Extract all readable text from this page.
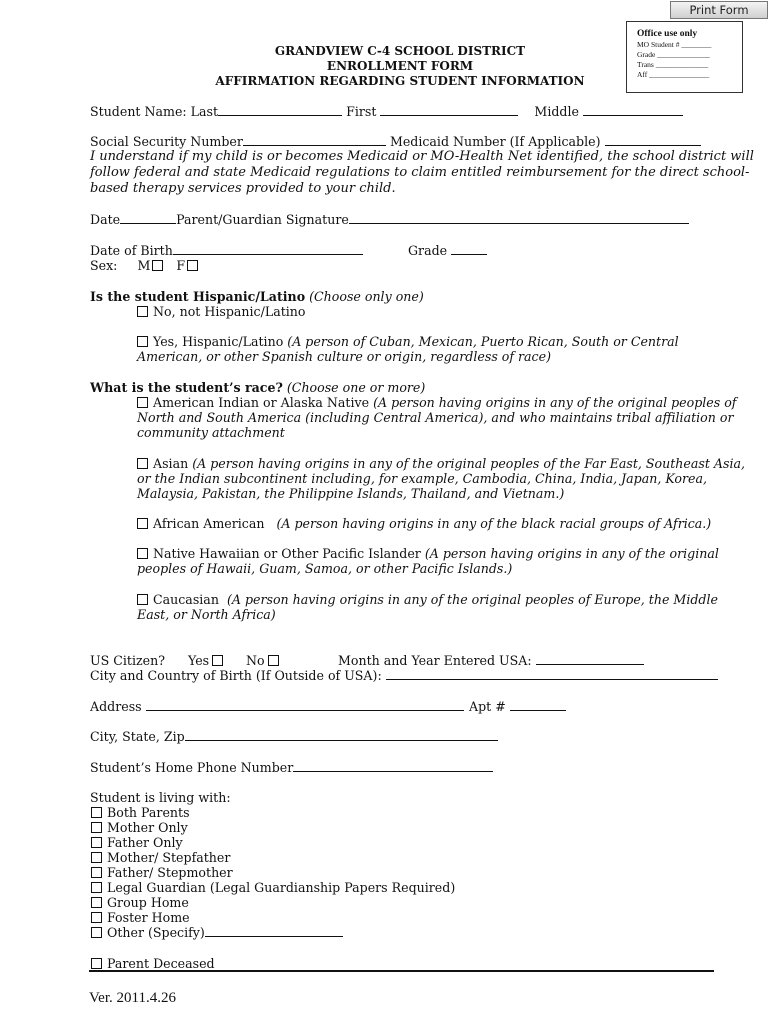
Print Form
Office use only
MO Student # ________
Grade ______________
Trans ______________
Aff ________________
GRANDVIEW C-4 SCHOOL DISTRICT
ENROLLMENT FORM
AFFIRMATION REGARDING STUDENT INFORMATION
Student Name: Last	First	Middle
Social Security Number	Medicaid Number (If Applicable)
I understand if my child is or becomes Medicaid or MO-Health Net identified, the school district will
follow federal and state Medicaid regulations to claim entitled reimbursement for the direct school-
based therapy services provided to your child.
Date	Parent/Guardian Signature
Date of Birth	Grade
Sex: M F
Is the student Hispanic/Latino (Choose only one)
No, not Hispanic/Latino
Yes, Hispanic/Latino (A person of Cuban, Mexican, Puerto Rican, South or Central
American, or other Spanish culture or origin, regardless of race)
What is the student’s race? (Choose one or more)
American Indian or Alaska Native (A person having origins in any of the original peoples of
North and South America (including Central America), and who maintains tribal affiliation or
community attachment
Asian (A person having origins in any of the original peoples of the Far East, Southeast Asia,
or the Indian subcontinent including, for example, Cambodia, China, India, Japan, Korea,
Malaysia, Pakistan, the Philippine Islands, Thailand, and Vietnam.)
African American (A person having origins in any of the black racial groups of Africa.)
Native Hawaiian or Other Pacific Islander (A person having origins in any of the original
peoples of Hawaii, Guam, Samoa, or other Pacific Islands.)
Caucasian (A person having origins in any of the original peoples of Europe, the Middle
East, or North Africa)
US Citizen? Yes	No	Month and Year Entered USA:
City and Country of Birth (If Outside of USA):
Address	Apt #
City, State, Zip
Student’s Home Phone Number
Student is living with:
Both Parents
Mother Only
Father Only
Mother/ Stepfather
Father/ Stepmother
Legal Guardian (Legal Guardianship Papers Required)
Group Home
Foster Home
Other (Specify)
Parent Deceased
Ver. 2011.4.26
